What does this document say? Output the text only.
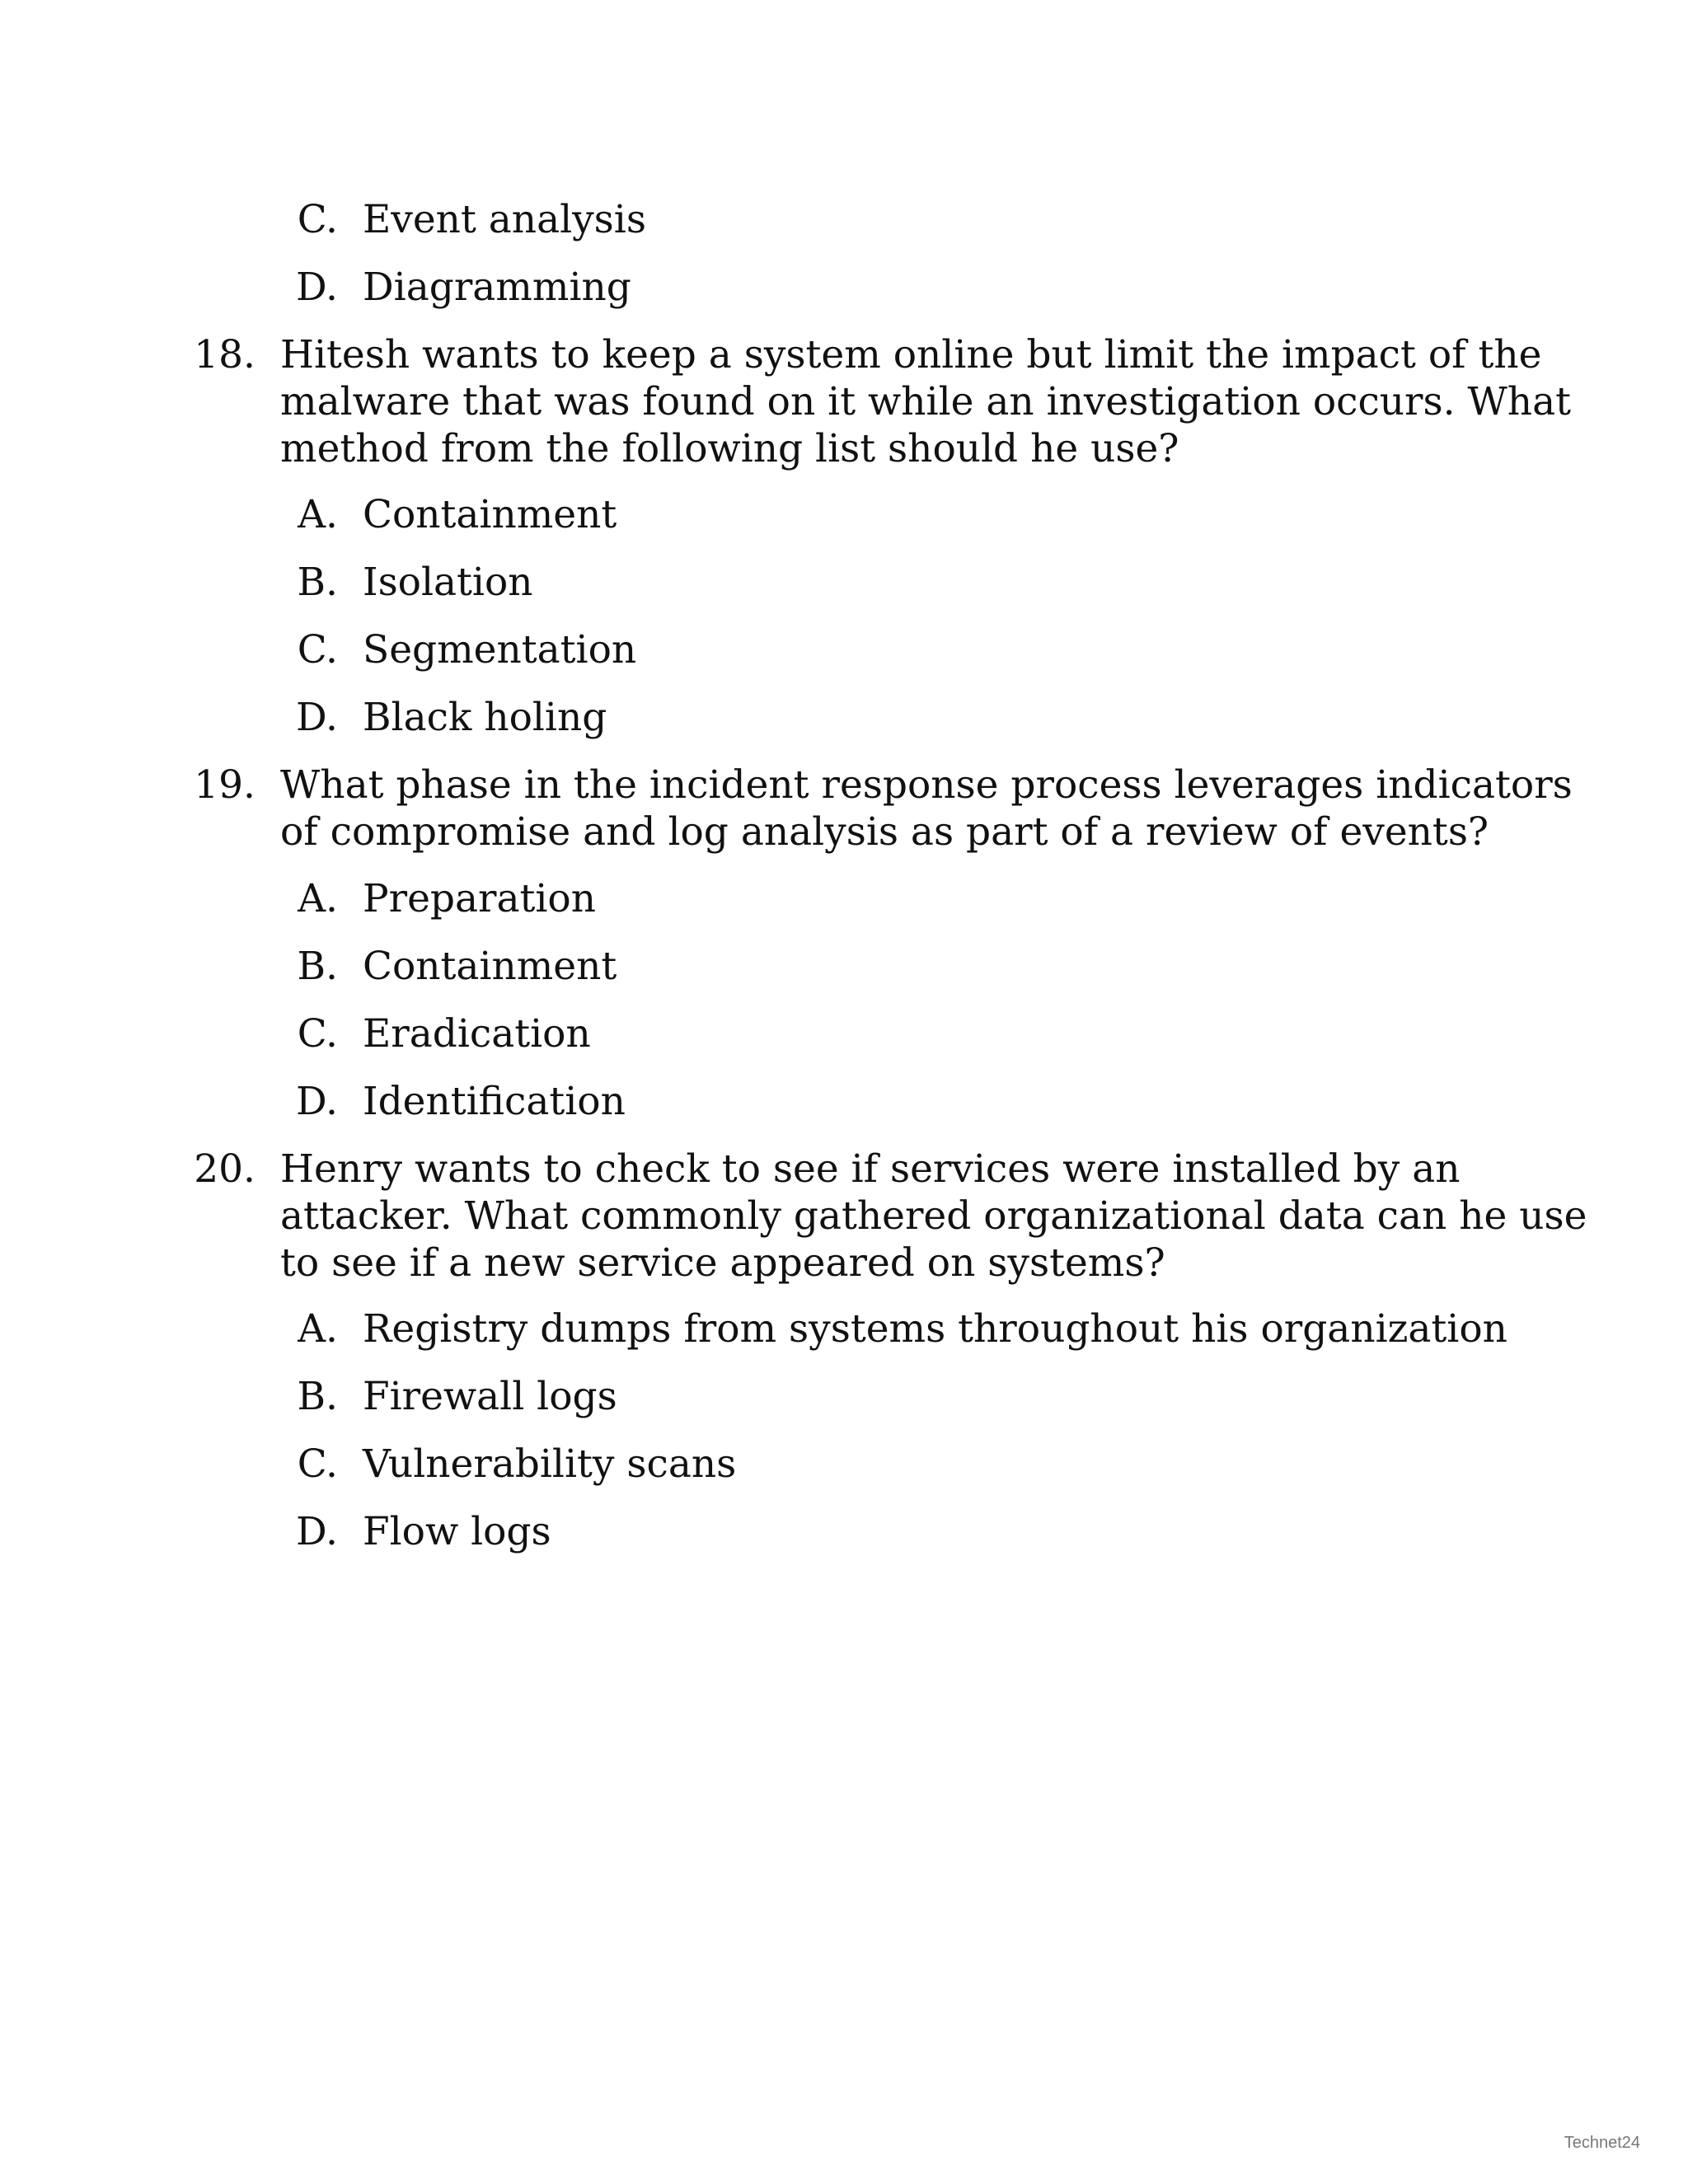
C. Event analysis
D. Diagramming
18. Hitesh wants to keep a system online but limit the impact of the
malware that was found on it while an investigation occurs. What
method from the following list should he use?
A. Containment
B. Isolation
C. Segmentation
D. Black holing
19. What phase in the incident response process leverages indicators
of compromise and log analysis as part of a review of events?
A. Preparation
B. Containment
C. Eradication
D. Identification
20. Henry wants to check to see if services were installed by an
attacker. What commonly gathered organizational data can he use
to see if a new service appeared on systems?
A. Registry dumps from systems throughout his organization
B. Firewall logs
C. Vulnerability scans
D. Flow logs
Technet24
